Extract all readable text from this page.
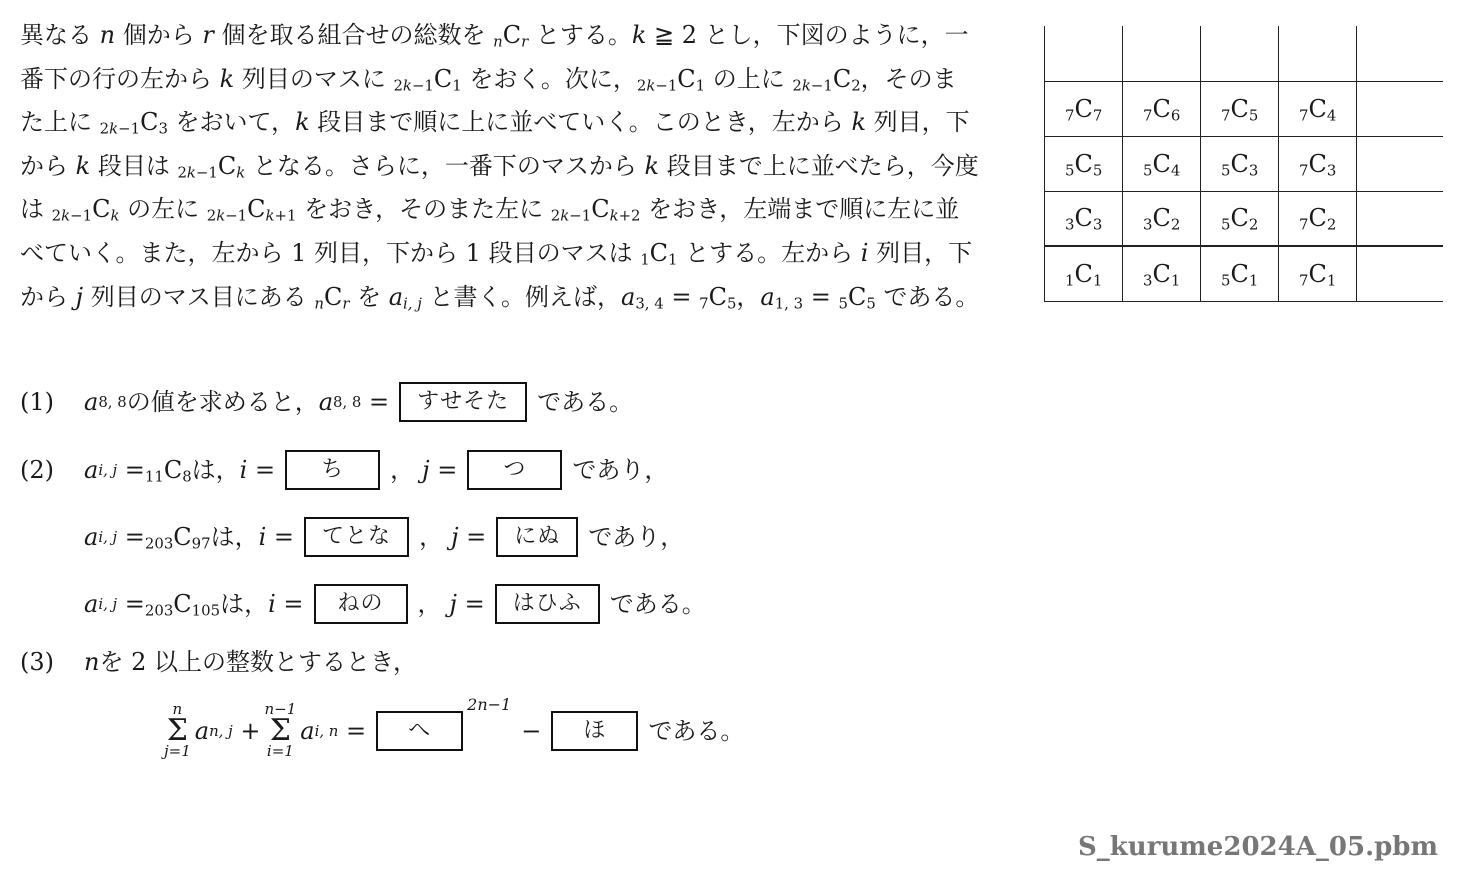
異なる n 個から r 個を取る組合せの総数を $_nC_r$ とする。k ≧ 2 とし，下図のように，一番下の行の左から k 列目のマスに $_{2k-1}C_1$ をおく。次に，$_{2k-1}C_1$ の上に $_{2k-1}C_2$，そのまた上に $_{2k-1}C_3$ をおいて，k 段目まで順に上に並べていく。このとき，左から k 列目，下から k 段目は $_{2k-1}C_k$ となる。さらに，一番下のマスから k 段目まで上に並べたら，今度は $_{2k-1}C_k$ の左に $_{2k-1}C_{k+1}$ をおき，そのまた左に $_{2k-1}C_{k+2}$ をおき，左端まで順に左に並べていく。また，左から 1 列目，下から 1 段目のマスは $_1C_1$ とする。左から i 列目，下から j 列目のマス目にある $_nC_r$ を $a_{i, j}$ と書く。例えば，$a_{3, 4} = _7C_5$，$a_{1, 3} = _5C_5$ である。
(1)	a 8, 8 の値を求めると， a 8, 8 =	すせそた	である。
(2)	a i, $j = _{11}C_8$ は， i =	ち	， j =	つ	であり，
a i, $j = _{203}C_{97}$ は， i =	てとな	， j =	にぬ	であり，
a i, $j = _{203}C_{105}$ は， i =	ねの	， j =	はひふ	である。
(3)	n を 2 以上の整数とするとき，
n
Σ
j=1
a n, j +
n−1
Σ
i=1
a i, n =	へ
2n−1
−	ほ	である。

$_7C_7$	$_7C_6$	$_7C_5$	$_7C_4$	
$_5C_5$	$_5C_4$	$_5C_3$	$_7C_3$	
$_3C_3$	$_3C_2$	$_5C_2$	$_7C_2$	
$_1C_1$	$_3C_1$	$_5C_1$	$_7C_1$	
S_kurume2024A_05.pbm
